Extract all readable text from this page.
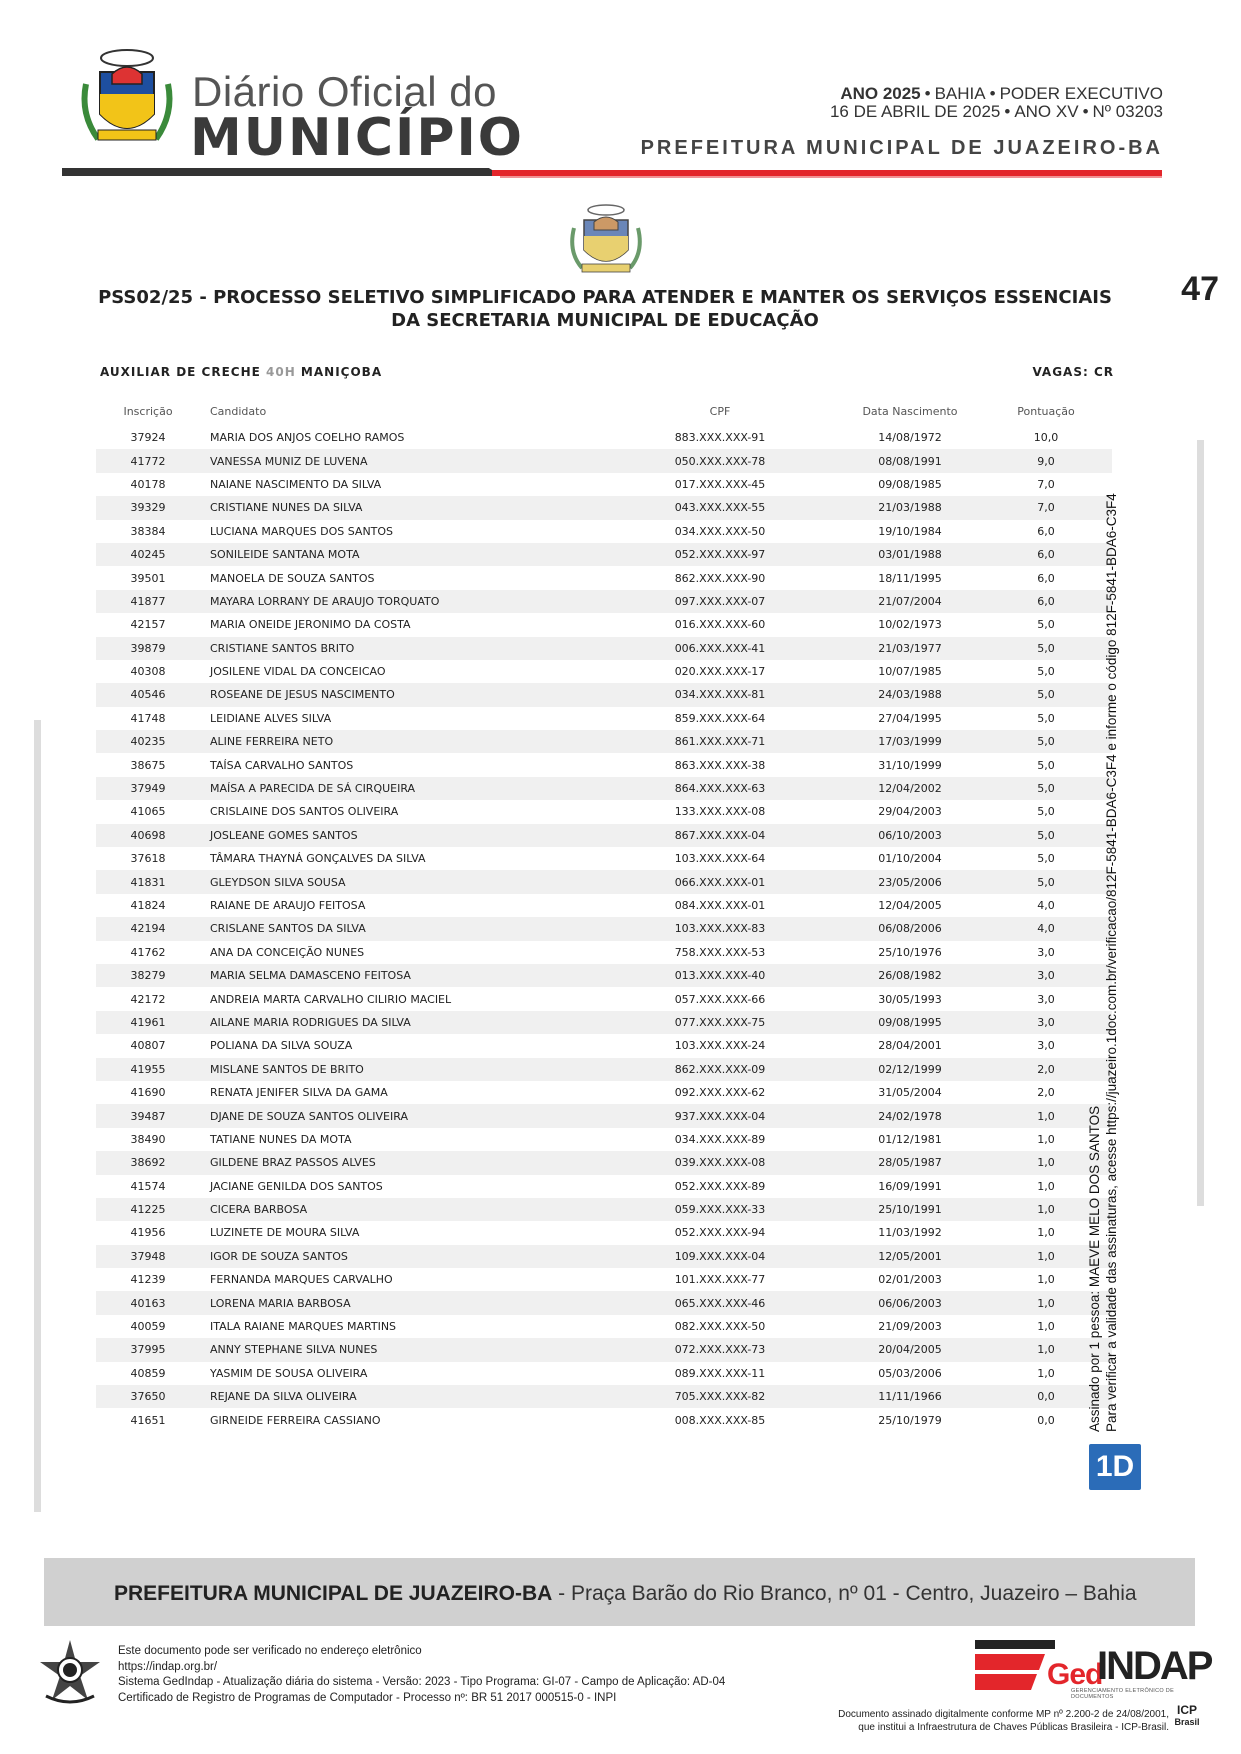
Diário Oficial do
MUNICÍPIO
ANO 2025 • BAHIA • PODER EXECUTIVO
16 DE ABRIL DE 2025 • ANO XV • Nº 03203
PREFEITURA MUNICIPAL DE JUAZEIRO-BA
47
PSS02/25 - PROCESSO SELETIVO SIMPLIFICADO PARA ATENDER E MANTER OS SERVIÇOS ESSENCIAIS
DA SECRETARIA MUNICIPAL DE EDUCAÇÃO
AUXILIAR DE CRECHE 40H MANIÇOBA	VAGAS: CR
Inscrição	Candidato	CPF	Data Nascimento	Pontuação
37924	MARIA DOS ANJOS COELHO RAMOS	883.XXX.XXX-91	14/08/1972	10,0
41772	VANESSA MUNIZ DE LUVENA	050.XXX.XXX-78	08/08/1991	9,0
40178	NAIANE NASCIMENTO DA SILVA	017.XXX.XXX-45	09/08/1985	7,0
39329	CRISTIANE NUNES DA SILVA	043.XXX.XXX-55	21/03/1988	7,0
38384	LUCIANA MARQUES DOS SANTOS	034.XXX.XXX-50	19/10/1984	6,0
40245	SONILEIDE SANTANA MOTA	052.XXX.XXX-97	03/01/1988	6,0
39501	MANOELA DE SOUZA SANTOS	862.XXX.XXX-90	18/11/1995	6,0
41877	MAYARA LORRANY DE ARAUJO TORQUATO	097.XXX.XXX-07	21/07/2004	6,0
42157	MARIA ONEIDE JERONIMO DA COSTA	016.XXX.XXX-60	10/02/1973	5,0
39879	CRISTIANE SANTOS BRITO	006.XXX.XXX-41	21/03/1977	5,0
40308	JOSILENE VIDAL DA CONCEICAO	020.XXX.XXX-17	10/07/1985	5,0
40546	ROSEANE DE JESUS NASCIMENTO	034.XXX.XXX-81	24/03/1988	5,0
41748	LEIDIANE ALVES SILVA	859.XXX.XXX-64	27/04/1995	5,0
40235	ALINE FERREIRA NETO	861.XXX.XXX-71	17/03/1999	5,0
38675	TAÍSA CARVALHO SANTOS	863.XXX.XXX-38	31/10/1999	5,0
37949	MAÍSA A PARECIDA DE SÁ CIRQUEIRA	864.XXX.XXX-63	12/04/2002	5,0
41065	CRISLAINE DOS SANTOS OLIVEIRA	133.XXX.XXX-08	29/04/2003	5,0
40698	JOSLEANE GOMES SANTOS	867.XXX.XXX-04	06/10/2003	5,0
37618	TÂMARA THAYNÁ GONÇALVES DA SILVA	103.XXX.XXX-64	01/10/2004	5,0
41831	GLEYDSON SILVA SOUSA	066.XXX.XXX-01	23/05/2006	5,0
41824	RAIANE DE ARAUJO FEITOSA	084.XXX.XXX-01	12/04/2005	4,0
42194	CRISLANE SANTOS DA SILVA	103.XXX.XXX-83	06/08/2006	4,0
41762	ANA DA CONCEIÇÃO NUNES	758.XXX.XXX-53	25/10/1976	3,0
38279	MARIA SELMA DAMASCENO FEITOSA	013.XXX.XXX-40	26/08/1982	3,0
42172	ANDREIA MARTA CARVALHO CILIRIO MACIEL	057.XXX.XXX-66	30/05/1993	3,0
41961	AILANE MARIA RODRIGUES DA SILVA	077.XXX.XXX-75	09/08/1995	3,0
40807	POLIANA DA SILVA SOUZA	103.XXX.XXX-24	28/04/2001	3,0
41955	MISLANE SANTOS DE BRITO	862.XXX.XXX-09	02/12/1999	2,0
41690	RENATA JENIFER SILVA DA GAMA	092.XXX.XXX-62	31/05/2004	2,0
39487	DJANE DE SOUZA SANTOS OLIVEIRA	937.XXX.XXX-04	24/02/1978	1,0
38490	TATIANE NUNES DA MOTA	034.XXX.XXX-89	01/12/1981	1,0
38692	GILDENE BRAZ PASSOS ALVES	039.XXX.XXX-08	28/05/1987	1,0
41574	JACIANE GENILDA DOS SANTOS	052.XXX.XXX-89	16/09/1991	1,0
41225	CICERA BARBOSA	059.XXX.XXX-33	25/10/1991	1,0
41956	LUZINETE DE MOURA SILVA	052.XXX.XXX-94	11/03/1992	1,0
37948	IGOR DE SOUZA SANTOS	109.XXX.XXX-04	12/05/2001	1,0
41239	FERNANDA MARQUES CARVALHO	101.XXX.XXX-77	02/01/2003	1,0
40163	LORENA MARIA BARBOSA	065.XXX.XXX-46	06/06/2003	1,0
40059	ITALA RAIANE MARQUES MARTINS	082.XXX.XXX-50	21/09/2003	1,0
37995	ANNY STEPHANE SILVA NUNES	072.XXX.XXX-73	20/04/2005	1,0
40859	YASMIM DE SOUSA OLIVEIRA	089.XXX.XXX-11	05/03/2006	1,0
37650	REJANE DA SILVA OLIVEIRA	705.XXX.XXX-82	11/11/1966	0,0
41651	GIRNEIDE FERREIRA CASSIANO	008.XXX.XXX-85	25/10/1979	0,0 Assinado por 1 pessoa: MAEVE MELO DOS SANTOS Para verificar a validade das assinaturas, acesse https://juazeiro.1doc.com.br/verificacao/812F-5841-BDA6-C3F4 e informe o código 812F-5841-BDA6-C3F4
1D
PREFEITURA MUNICIPAL DE JUAZEIRO-BA - Praça Barão do Rio Branco, nº 01 - Centro, Juazeiro – Bahia
Este documento pode ser verificado no endereço eletrônico
https://indap.org.br/
Sistema GedIndap - Atualização diária do sistema - Versão: 2023 - Tipo Programa: GI-07 - Campo de Aplicação: AD-04
Certificado de Registro de Programas de Computador - Processo nº: BR 51 2017 000515-0 - INPI
Ged
INDAP
GERENCIAMENTO ELETRÔNICO DE DOCUMENTOS
Documento assinado digitalmente conforme MP nº 2.200-2 de 24/08/2001,
que institui a Infraestrutura de Chaves Públicas Brasileira - ICP-Brasil.
ICP
Brasil
